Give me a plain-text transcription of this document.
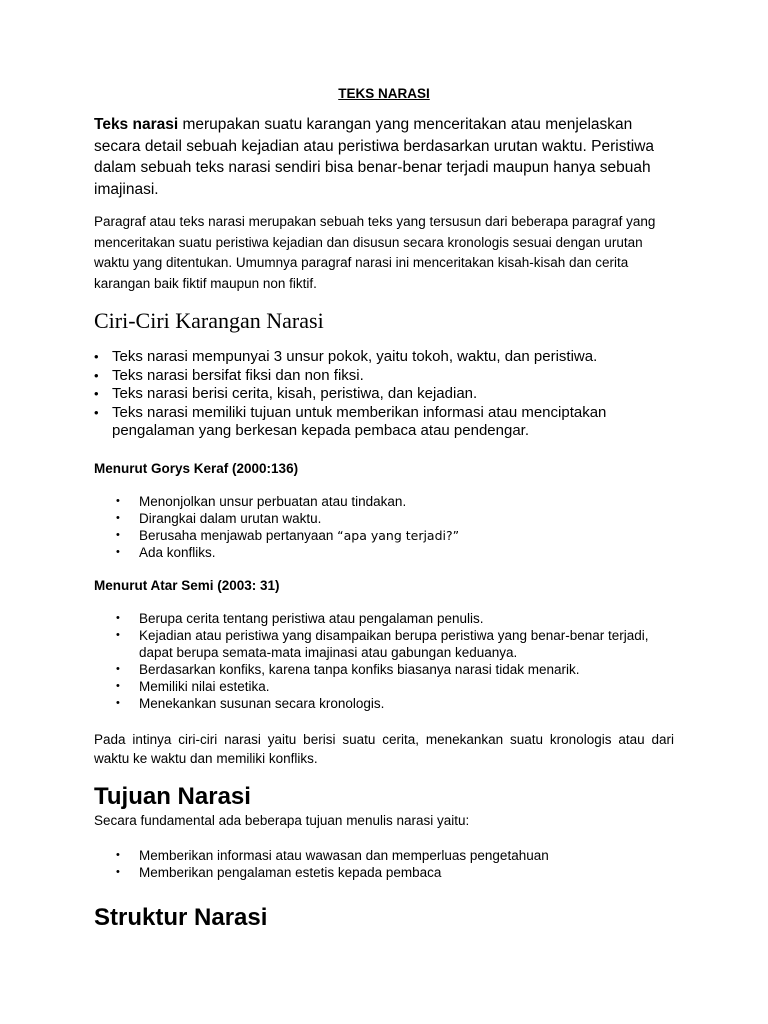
TEKS NARASI

Teks narasi merupakan suatu karangan yang menceritakan atau menjelaskan secara detail sebuah kejadian atau peristiwa berdasarkan urutan waktu. Peristiwa dalam sebuah teks narasi sendiri bisa benar-benar terjadi maupun hanya sebuah imajinasi.

Paragraf atau teks narasi merupakan sebuah teks yang tersusun dari beberapa paragraf yang menceritakan suatu peristiwa kejadian dan disusun secara kronologis sesuai dengan urutan waktu yang ditentukan. Umumnya paragraf narasi ini menceritakan kisah-kisah dan cerita karangan baik fiktif maupun non fiktif.

Ciri-Ciri Karangan Narasi
• Teks narasi mempunyai 3 unsur pokok, yaitu tokoh, waktu, dan peristiwa.
• Teks narasi bersifat fiksi dan non fiksi.
• Teks narasi berisi cerita, kisah, peristiwa, dan kejadian.
• Teks narasi memiliki tujuan untuk memberikan informasi atau menciptakan pengalaman yang berkesan kepada pembaca atau pendengar.

Menurut Gorys Keraf (2000:136)

• Menonjolkan unsur perbuatan atau tindakan.
• Dirangkai dalam urutan waktu.
• Berusaha menjawab pertanyaan “apa yang terjadi?”
• Ada konfliks.

Menurut Atar Semi (2003: 31)

• Berupa cerita tentang peristiwa atau pengalaman penulis.
• Kejadian atau peristiwa yang disampaikan berupa peristiwa yang benar-benar terjadi, dapat berupa semata-mata imajinasi atau gabungan keduanya.
• Berdasarkan konfiks, karena tanpa konfiks biasanya narasi tidak menarik.
• Memiliki nilai estetika.
• Menekankan susunan secara kronologis.

Pada intinya ciri-ciri narasi yaitu berisi suatu cerita, menekankan suatu kronologis atau dari waktu ke waktu dan memiliki konfliks.

Tujuan Narasi

Secara fundamental ada beberapa tujuan menulis narasi yaitu:

• Memberikan informasi atau wawasan dan memperluas pengetahuan
• Memberikan pengalaman estetis kepada pembaca
Struktur Narasi
